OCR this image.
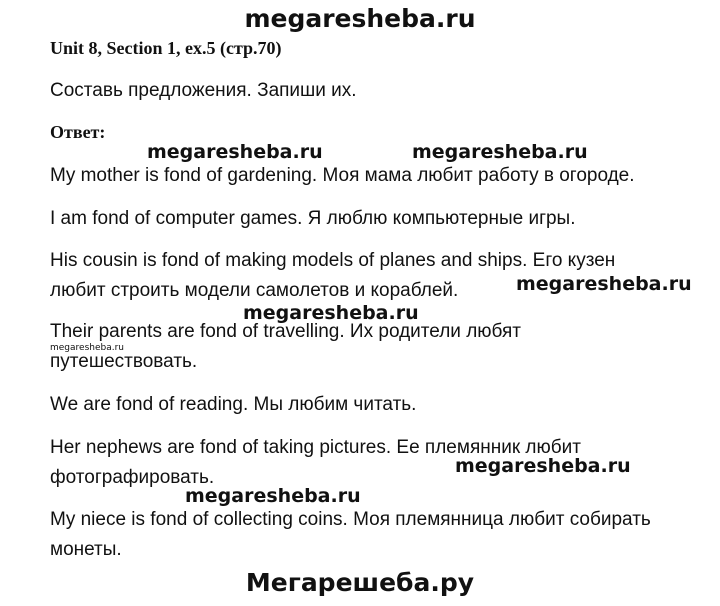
megaresheba.ru
Unit 8, Section 1, ex.5 (стр.70)
Составь предложения. Запиши их.
Ответ:
megaresheba.ru	megaresheba.ru
My mother is fond of gardening. Моя мама любит работу в огороде.
I am fond of computer games. Я люблю компьютерные игры.
His cousin is fond of making models of planes and ships. Его кузен
любит строить модели самолетов и кораблей.	megaresheba.ru
megaresheba.ru
Their parents are fond of travelling. Их родители любят
путешествовать.
megaresheba.ru
We are fond of reading. Мы любим читать.
Her nephews are fond of taking pictures. Ее племянник любит
фотографировать.
megaresheba.ru
megaresheba.ru
My niece is fond of collecting coins. Моя племянница любит собирать
монеты.
Мегарешеба.ру
